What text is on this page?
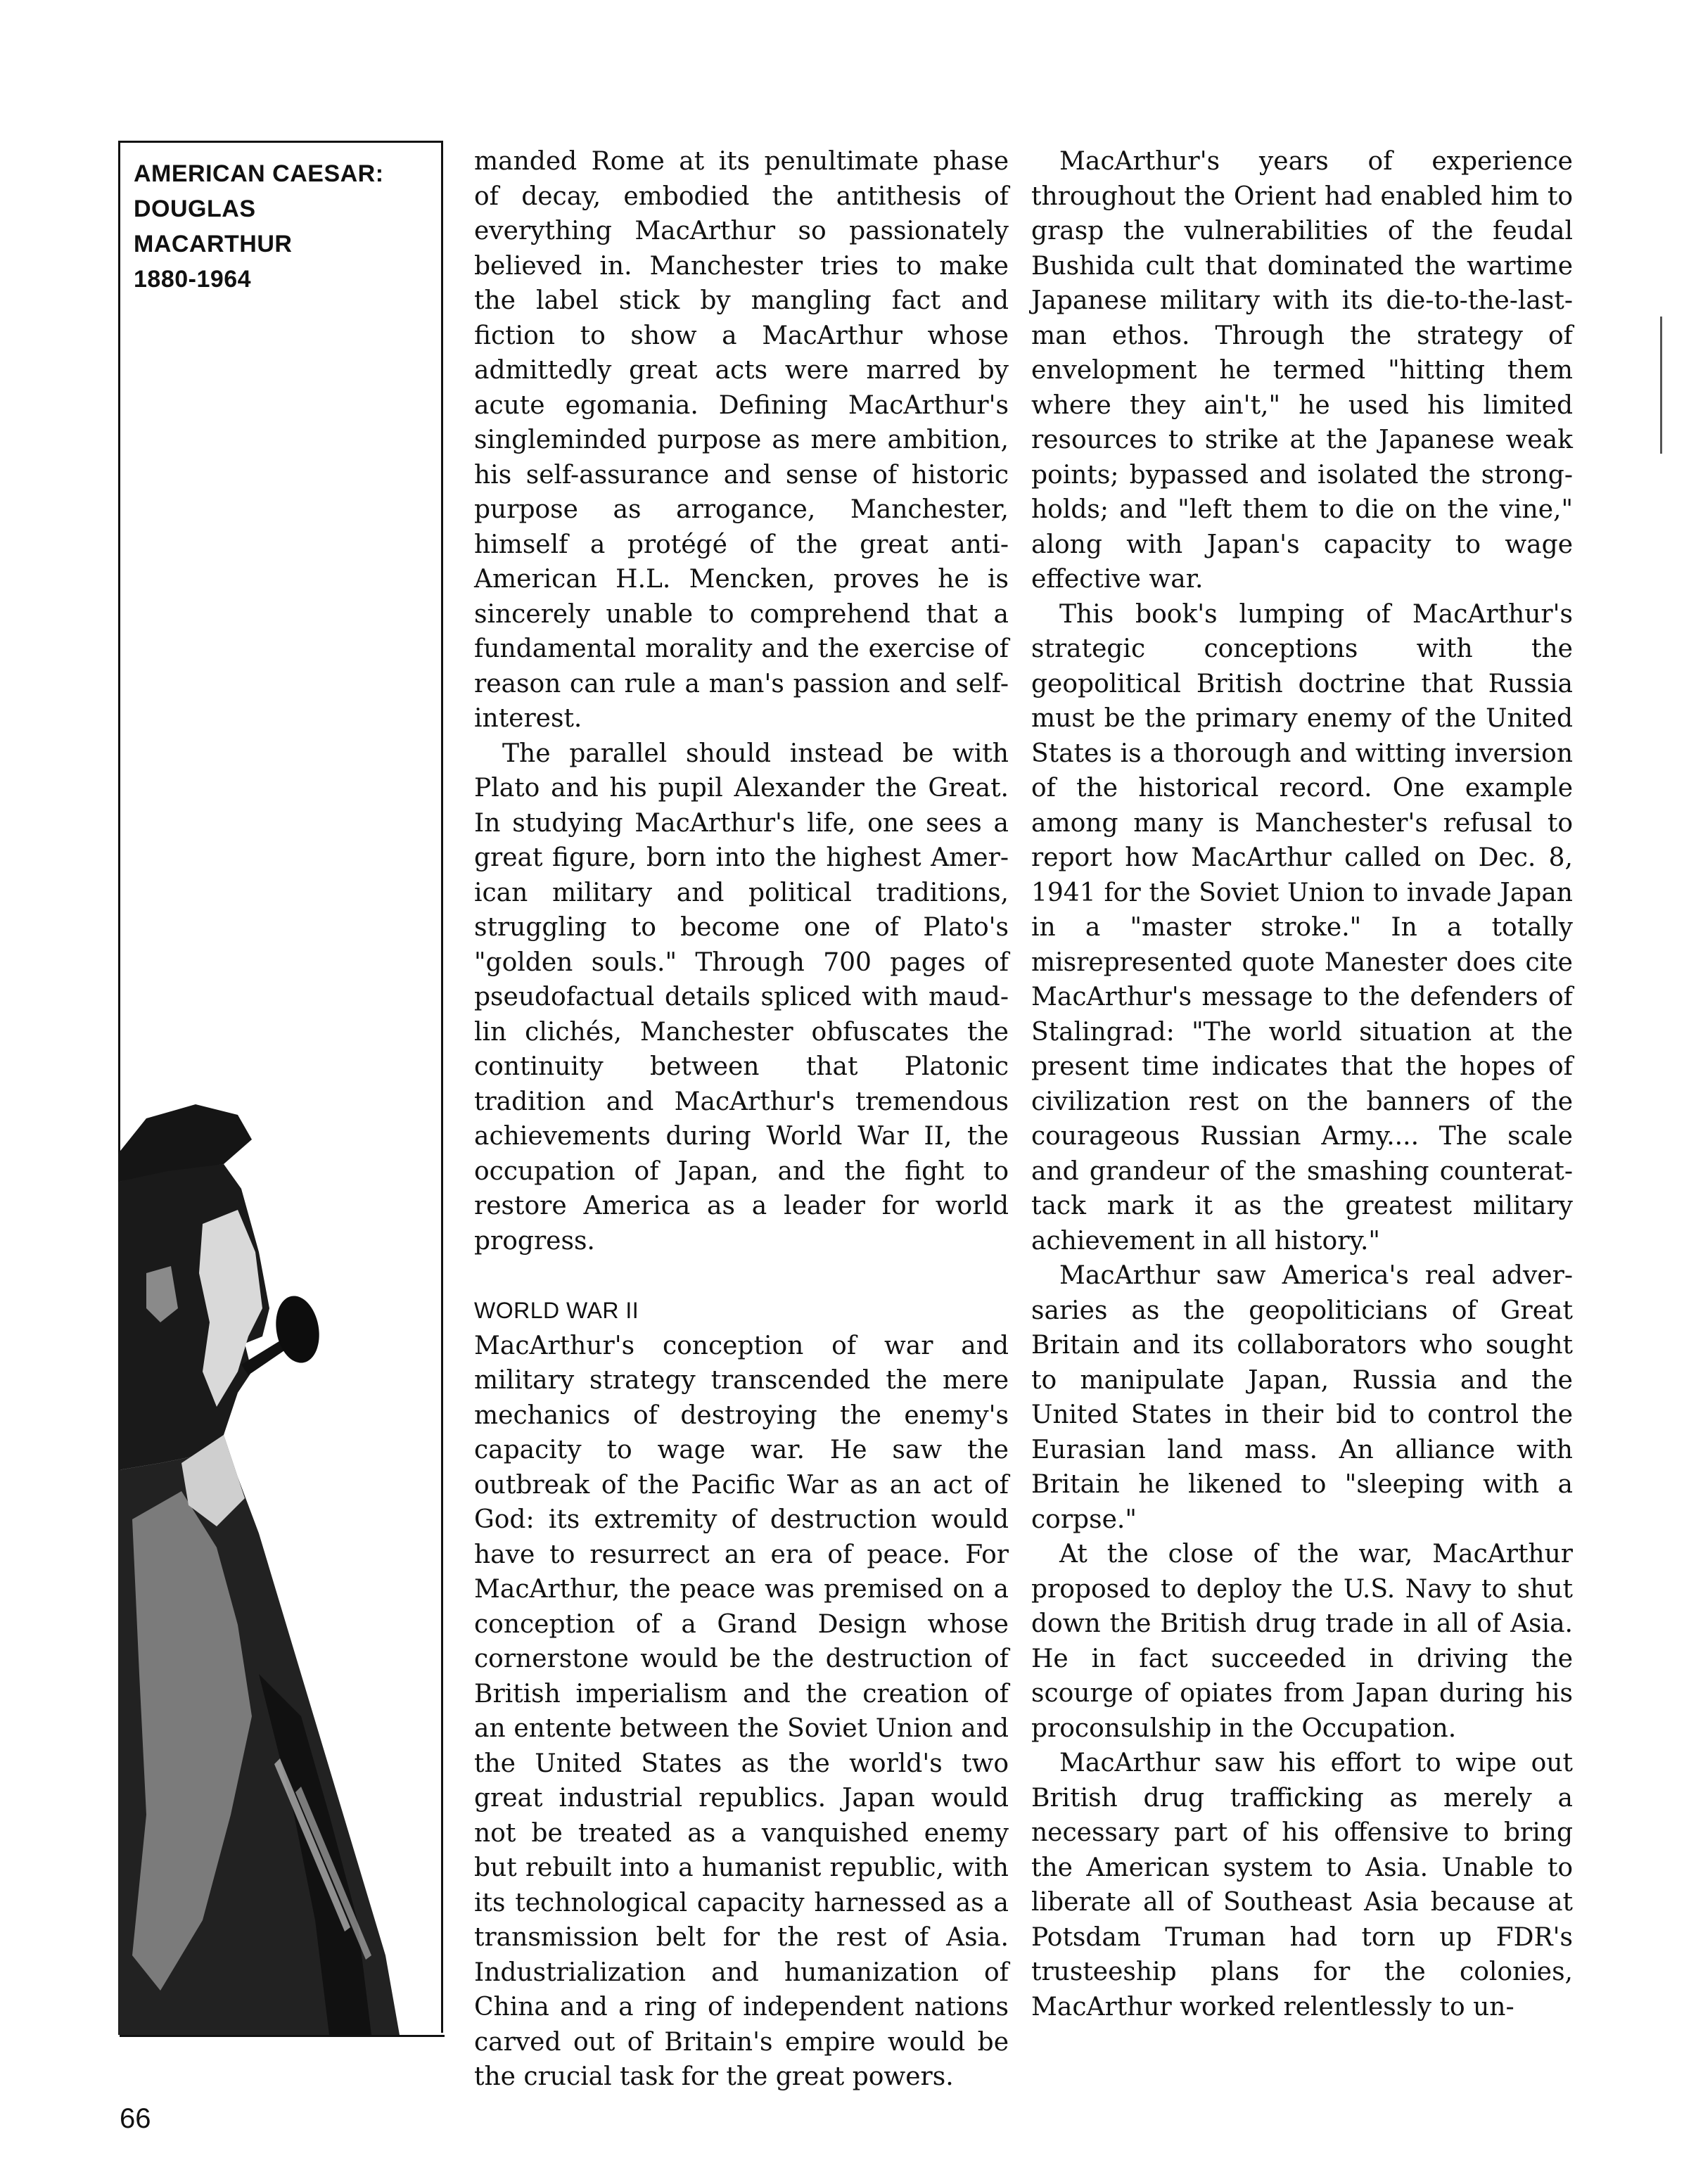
AMERICAN CAESAR:
DOUGLAS
MACARTHUR
1880-1964

manded Rome at its penultimate phase of decay, embodied the antithesis of everything MacArthur so passionately believed in. Manchester tries to make the label stick by mangling fact and fiction to show a MacArthur whose admittedly great acts were marred by acute egomania. Defining MacArthur's singleminded purpose as mere ambition, his self-assurance and sense of historic purpose as arrogance, Manchester, himself a protégé of the great anti-American H.L. Mencken, proves he is sincerely unable to comprehend that a fundamental morality and the exercise of reason can rule a man's passion and self-interest.

The parallel should instead be with Plato and his pupil Alexander the Great. In studying MacArthur's life, one sees a great figure, born into the highest American military and political traditions, struggling to become one of Plato's "golden souls." Through 700 pages of pseudofactual details spliced with maudlin clichés, Manchester obfuscates the continuity between that Platonic tradition and MacArthur's tremendous achievements during World War II, the occupation of Japan, and the fight to restore America as a leader for world progress.

WORLD WAR II

MacArthur's conception of war and military strategy transcended the mere mechanics of destroying the enemy's capacity to wage war. He saw the outbreak of the Pacific War as an act of God: its extremity of destruction would have to resurrect an era of peace. For MacArthur, the peace was premised on a conception of a Grand Design whose cornerstone would be the destruction of British imperialism and the creation of an entente between the Soviet Union and the United States as the world's two great industrial republics. Japan would not be treated as a vanquished enemy but rebuilt into a humanist republic, with its technological capacity harnessed as a transmission belt for the rest of Asia. Industrialization and humanization of China and a ring of independent nations carved out of Britain's empire would be the crucial task for the great powers.

MacArthur's years of experience throughout the Orient had enabled him to grasp the vulnerabilities of the feudal Bushida cult that dominated the wartime Japanese military with its die-to-the-last-man ethos. Through the strategy of envelopment he termed "hitting them where they ain't," he used his limited resources to strike at the Japanese weak points; bypassed and isolated the strongholds; and "left them to die on the vine," along with Japan's capacity to wage effective war.

This book's lumping of MacArthur's strategic conceptions with the geopolitical British doctrine that Russia must be the primary enemy of the United States is a thorough and witting inversion of the historical record. One example among many is Manchester's refusal to report how MacArthur called on Dec. 8, 1941 for the Soviet Union to invade Japan in a "master stroke." In a totally misrepresented quote Manester does cite MacArthur's message to the defenders of Stalingrad: "The world situation at the present time indicates that the hopes of civilization rest on the banners of the courageous Russian Army.... The scale and grandeur of the smashing counterattack mark it as the greatest military achievement in all history."

MacArthur saw America's real adversaries as the geopoliticians of Great Britain and its collaborators who sought to manipulate Japan, Russia and the United States in their bid to control the Eurasian land mass. An alliance with Britain he likened to "sleeping with a corpse."

At the close of the war, MacArthur proposed to deploy the U.S. Navy to shut down the British drug trade in all of Asia. He in fact succeeded in driving the scourge of opiates from Japan during his proconsulship in the Occupation.

MacArthur saw his effort to wipe out British drug trafficking as merely a necessary part of his offensive to bring the American system to Asia. Unable to liberate all of Southeast Asia because at Potsdam Truman had torn up FDR's trusteeship plans for the colonies, MacArthur worked relentlessly to un-

66
